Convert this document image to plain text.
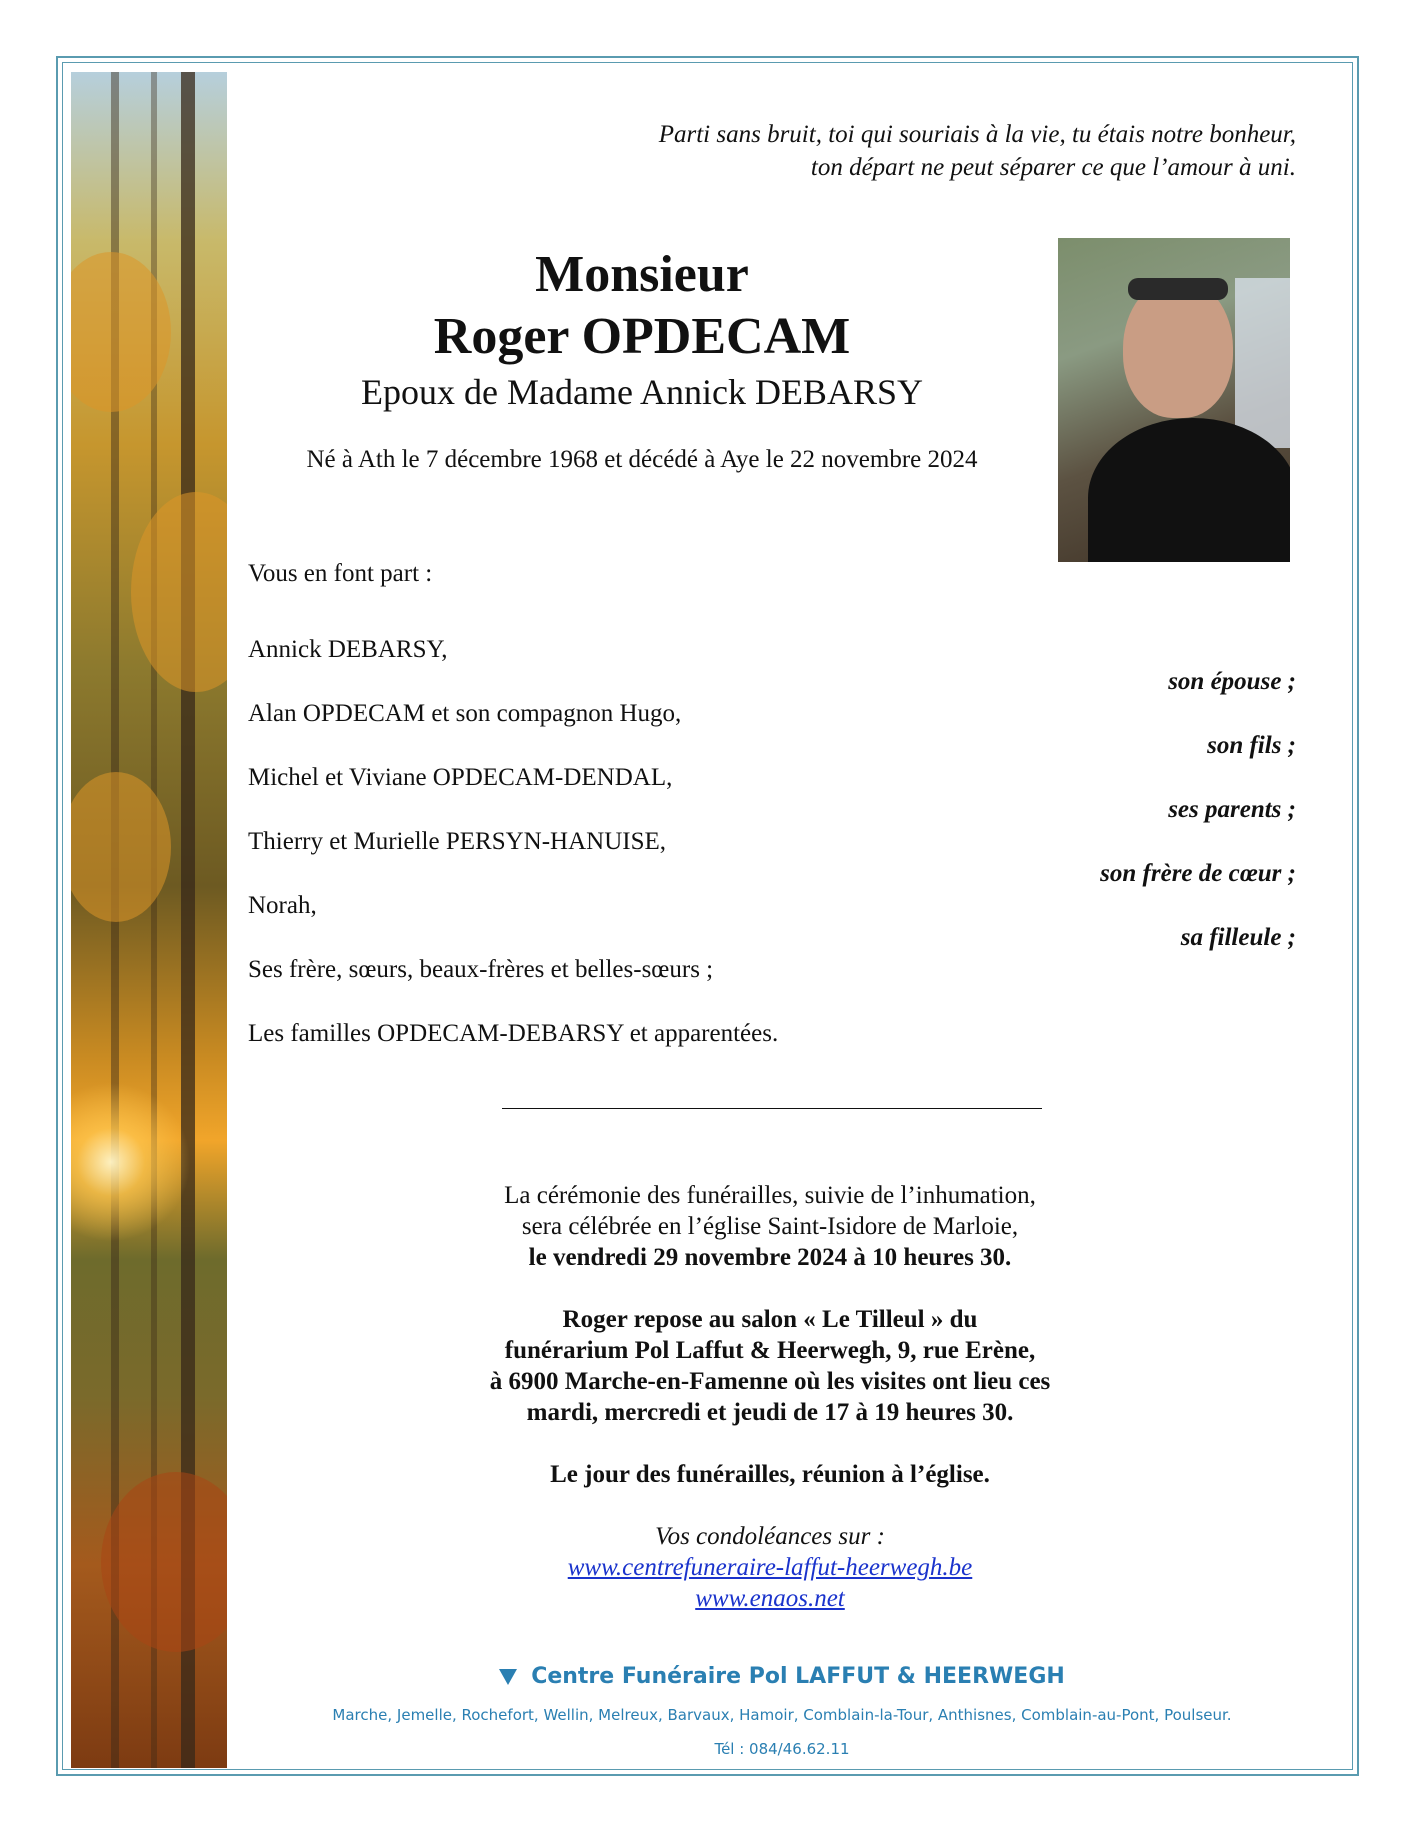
Parti sans bruit, toi qui souriais à la vie, tu étais notre bonheur,
ton départ ne peut séparer ce que l’amour à uni.
Monsieur
Roger OPDECAM
Epoux de Madame Annick DEBARSY
Né à Ath le 7 décembre 1968 et décédé à Aye le 22 novembre 2024
Vous en font part :
Annick DEBARSY,
son épouse ;
Alan OPDECAM et son compagnon Hugo,
son fils ;
Michel et Viviane OPDECAM-DENDAL,
ses parents ;
Thierry et Murielle PERSYN-HANUISE,
son frère de cœur ;
Norah,
sa filleule ;
Ses frère, sœurs, beaux-frères et belles-sœurs ;
Les familles OPDECAM-DEBARSY et apparentées.
La cérémonie des funérailles, suivie de l’inhumation,
sera célébrée en l’église Saint-Isidore de Marloie,
le vendredi 29 novembre 2024 à 10 heures 30.
Roger repose au salon « Le Tilleul » du
funérarium Pol Laffut & Heerwegh, 9, rue Erène,
à 6900 Marche-en-Famenne où les visites ont lieu ces
mardi, mercredi et jeudi de 17 à 19 heures 30.
Le jour des funérailles, réunion à l’église.
Vos condoléances sur :
www.centrefuneraire-laffut-heerwegh.be
www.enaos.net
Centre Funéraire Pol LAFFUT & HEERWEGH
Marche, Jemelle, Rochefort, Wellin, Melreux, Barvaux, Hamoir, Comblain-la-Tour, Anthisnes, Comblain-au-Pont, Poulseur.
Tél : 084/46.62.11
